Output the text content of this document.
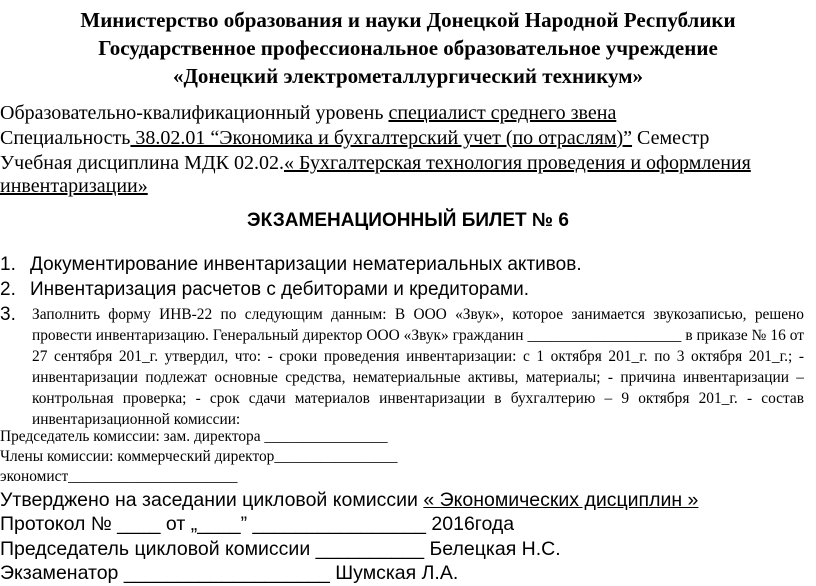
Министерство образования и науки Донецкой Народной Республики
Государственное профессиональное образовательное учреждение
«Донецкий электрометаллургический техникум»
Образовательно-квалификационный уровень специалист среднего звена
Специальность 38.02.01 “Экономика и бухгалтерский учет (по отраслям)” Семестр
Учебная дисциплина МДК 02.02.« Бухгалтерская технология проведения и оформления
инвентаризации»
ЭКЗАМЕНАЦИОННЫЙ БИЛЕТ № 6
1. Документирование инвентаризации нематериальных активов.
2. Инвентаризация расчетов с дебиторами и кредиторами.
3. Заполнить форму ИНВ-22 по следующим данным: В ООО «Звук», которое занимается звукозаписью, решено провести инвентаризацию. Генеральный директор ООО «Звук» гражданин ____________________ в приказе № 16 от 27 сентября 201_г. утвердил, что: - сроки проведения инвентаризации: с 1 октября 201_г. по 3 октября 201_г.; - инвентаризации подлежат основные средства, нематериальные активы, материалы; - причина инвентаризации – контрольная проверка; - срок сдачи материалов инвентаризации в бухгалтерию – 9 октября 201_г. - состав инвентаризационной комиссии:
Председатель комиссии: зам. директора ________________
Члены комиссии: коммерческий директор________________
экономист______________________
Утверджено на заседании цикловой комиссии « Экономических дисциплин »
Протокол № ____ от „____” ________________ 2016года
Председатель цикловой комиссии __________ Белецкая Н.С.
Экзаменатор ___________________ Шумская Л.А.
